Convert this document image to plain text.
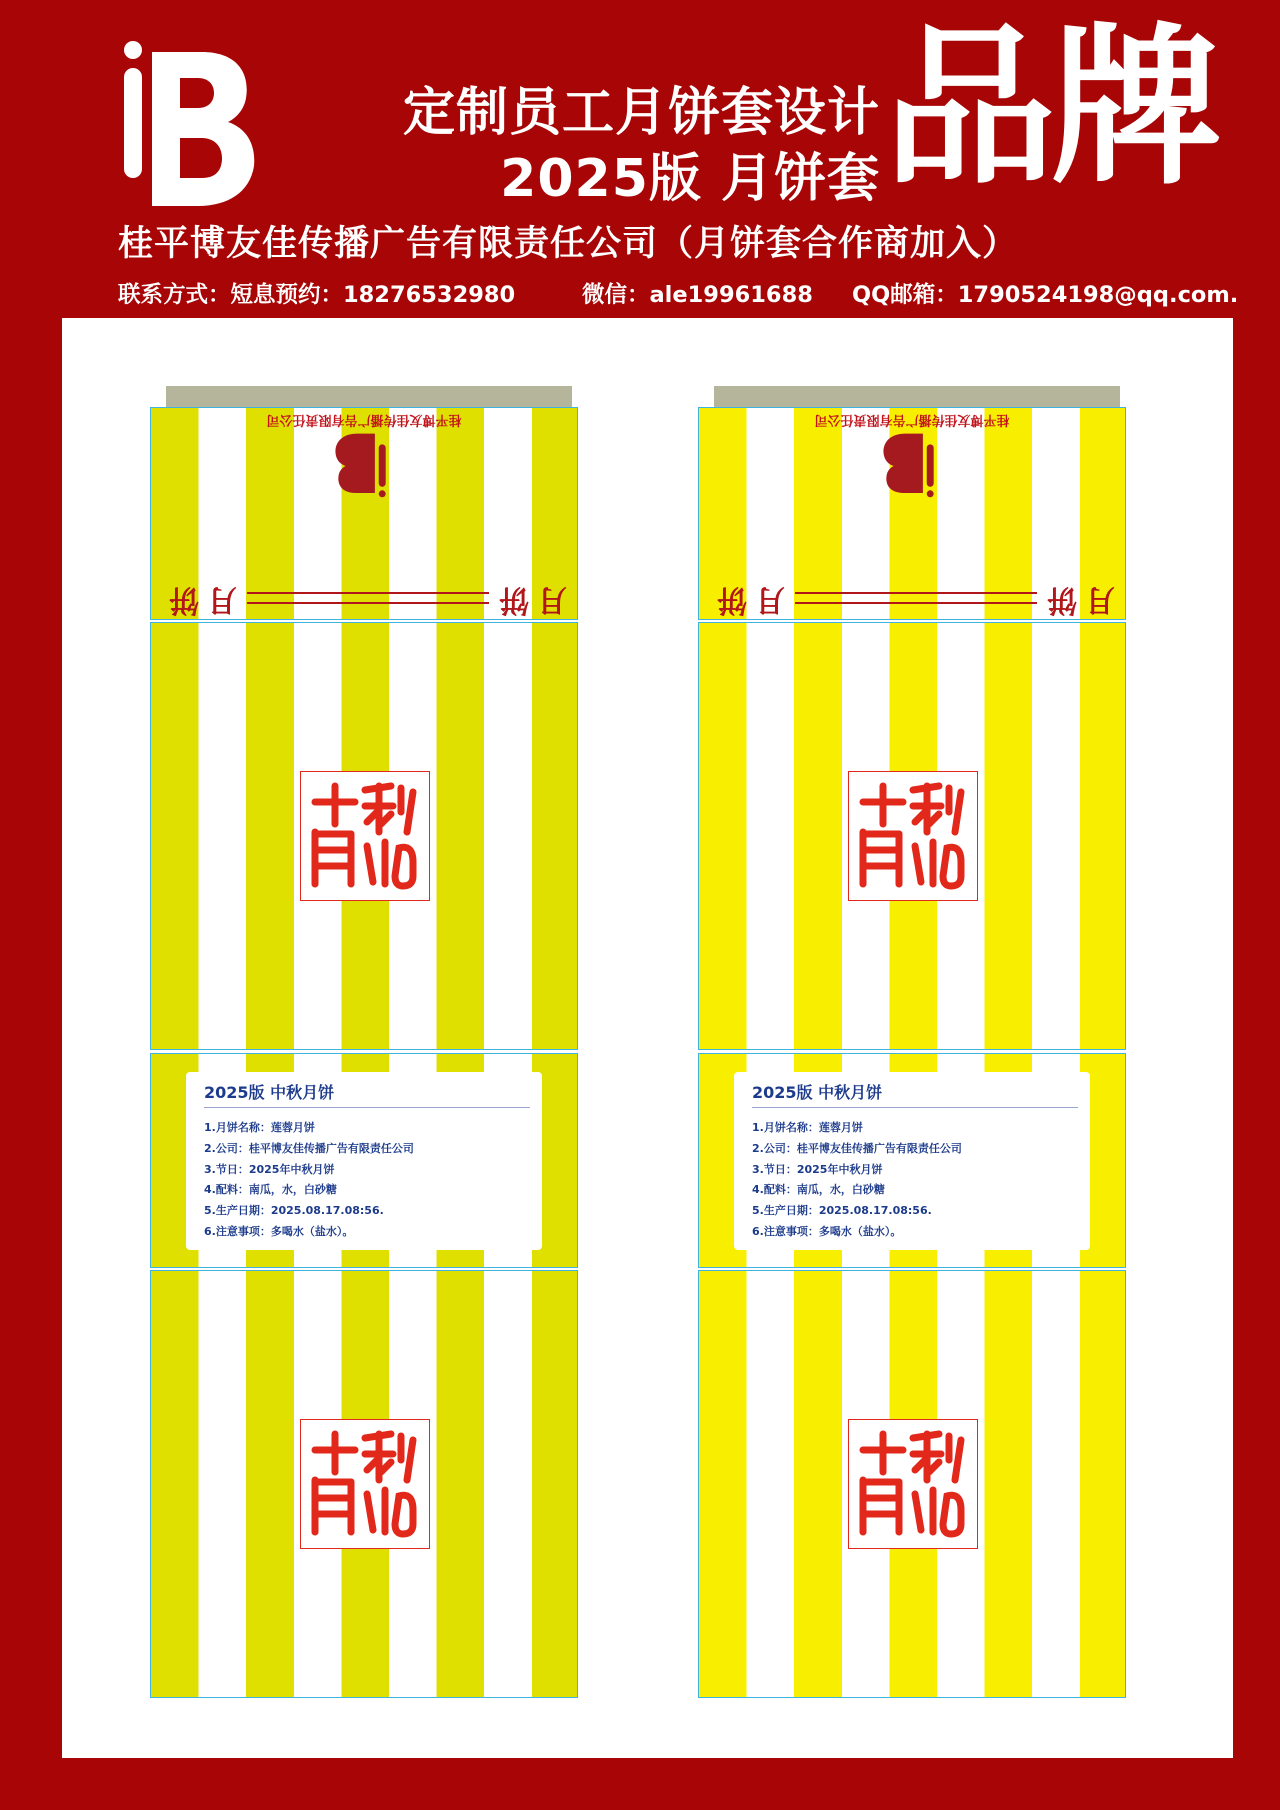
定制员工月饼套设计
2025版 月饼套 品牌
桂平博友佳传播广告有限责任公司（月饼套合作商加入）
联系方式：短息预约：18276532980	微信：ale19961688 QQ邮箱：1790524198@qq.com.
桂平博友佳传播广告有限责任公司
月饼	月饼
2025版 中秋月饼
1.月饼名称：莲蓉月饼
2.公司：桂平博友佳传播广告有限责任公司
3.节日：2025年中秋月饼
4.配料：南瓜，水，白砂糖
5.生产日期：2025.08.17.08:56.
6.注意事项：多喝水（盐水）。
桂平博友佳传播广告有限责任公司
月饼	月饼
2025版 中秋月饼
1.月饼名称：莲蓉月饼
2.公司：桂平博友佳传播广告有限责任公司
3.节日：2025年中秋月饼
4.配料：南瓜，水，白砂糖
5.生产日期：2025.08.17.08:56.
6.注意事项：多喝水（盐水）。
